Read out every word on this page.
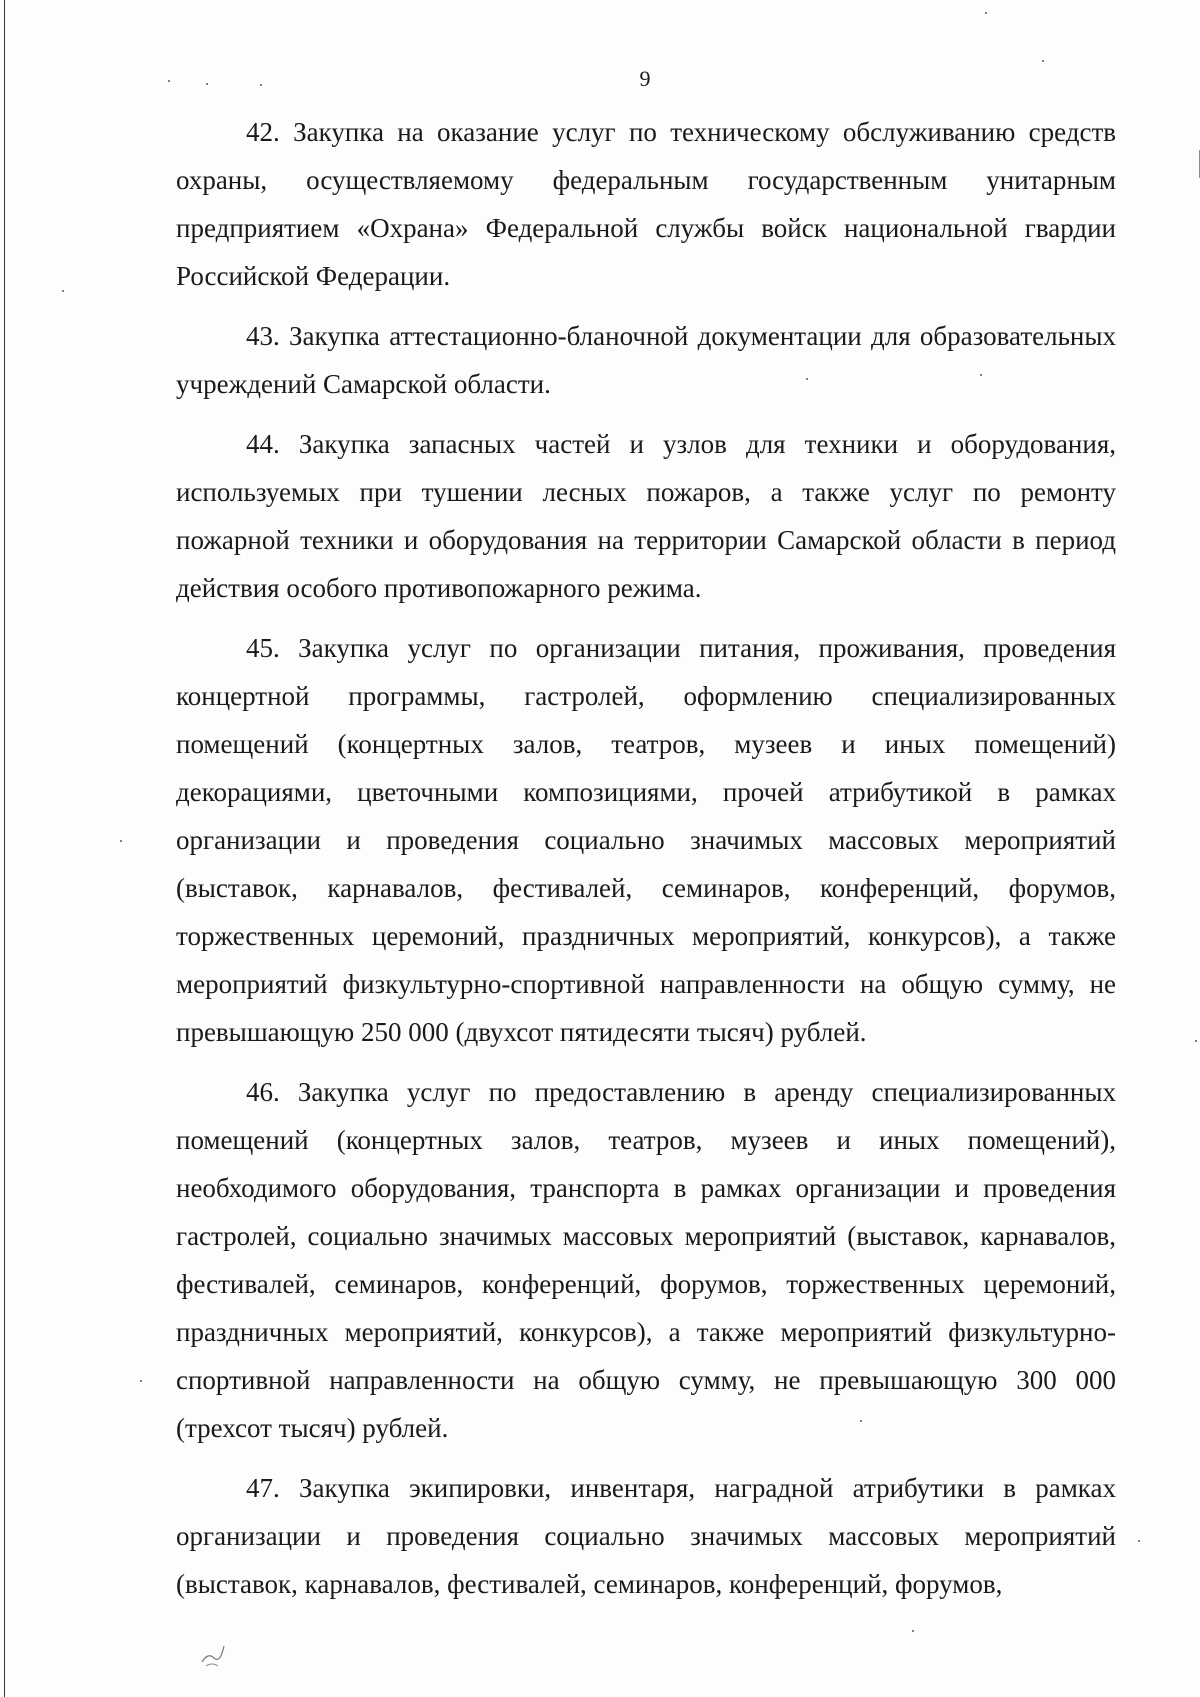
9

42. Закупка на оказание услуг по техническому обслуживанию средств охраны, осуществляемому федеральным государственным унитарным предприятием «Охрана» Федеральной службы войск национальной гвардии Российской Федерации.

43. Закупка аттестационно-бланочной документации для образовательных учреждений Самарской области.

44. Закупка запасных частей и узлов для техники и оборудования, используемых при тушении лесных пожаров, а также услуг по ремонту пожарной техники и оборудования на территории Самарской области в период действия особого противопожарного режима.

45. Закупка услуг по организации питания, проживания, проведения концертной программы, гастролей, оформлению специализированных помещений (концертных залов, театров, музеев и иных помещений) декорациями, цветочными композициями, прочей атрибутикой в рамках организации и проведения социально значимых массовых мероприятий (выставок, карнавалов, фестивалей, семинаров, конференций, форумов, торжественных церемоний, праздничных мероприятий, конкурсов), а также мероприятий физкультурно-спортивной направленности на общую сумму, не превышающую 250 000 (двухсот пятидесяти тысяч) рублей.

46. Закупка услуг по предоставлению в аренду специализированных помещений (концертных залов, театров, музеев и иных помещений), необходимого оборудования, транспорта в рамках организации и проведения гастролей, социально значимых массовых мероприятий (выставок, карнавалов, фестивалей, семинаров, конференций, форумов, торжественных церемоний, праздничных мероприятий, конкурсов), а также мероприятий физкультурно-спортивной направленности на общую сумму, не превышающую 300 000 (трехсот тысяч) рублей.

47. Закупка экипировки, инвентаря, наградной атрибутики в рамках организации и проведения социально значимых массовых мероприятий (выставок, карнавалов, фестивалей, семинаров, конференций, форумов,
